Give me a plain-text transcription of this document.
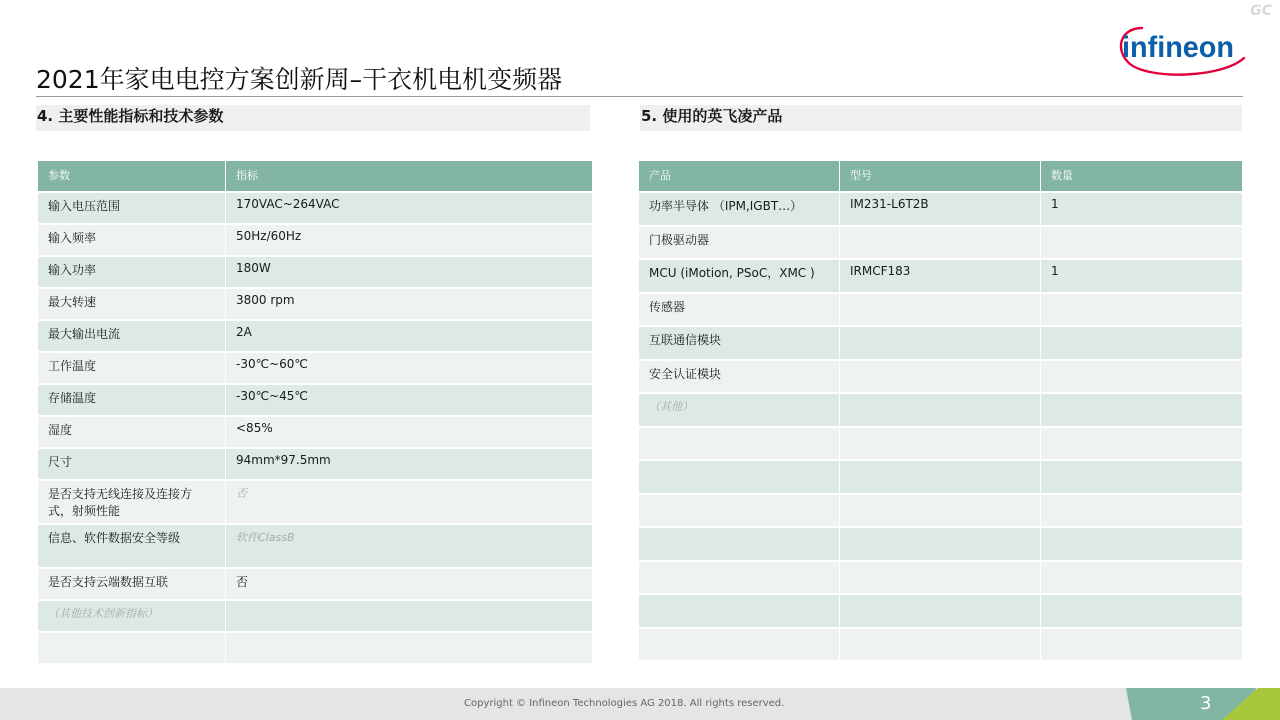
GC
infineon
2021年家电电控方案创新周–干衣机电机变频器
4. 主要性能指标和技术参数	5. 使用的英飞凌产品
参数	指标
输入电压范围	170VAC~264VAC
输入频率	50Hz/60Hz
输入功率	180W
最大转速	3800 rpm
最大输出电流	2A
工作温度	-30℃~60℃
存储温度	-30℃~45℃
湿度	<85%
尺寸	94mm*97.5mm
是否支持无线连接及连接方式，射频性能	否
信息、软件数据安全等级	软件ClassB
是否支持云端数据互联	否
（其他技术创新指标）	

产品	型号	数量
功率半导体 （IPM,IGBT…）	IM231-L6T2B	1
门极驱动器		
MCU (iMotion, PSoC，XMC )	IRMCF183	1
传感器		
互联通信模块		
安全认证模块		
（其他）		

Copyright © Infineon Technologies AG 2018. All rights reserved.	3
